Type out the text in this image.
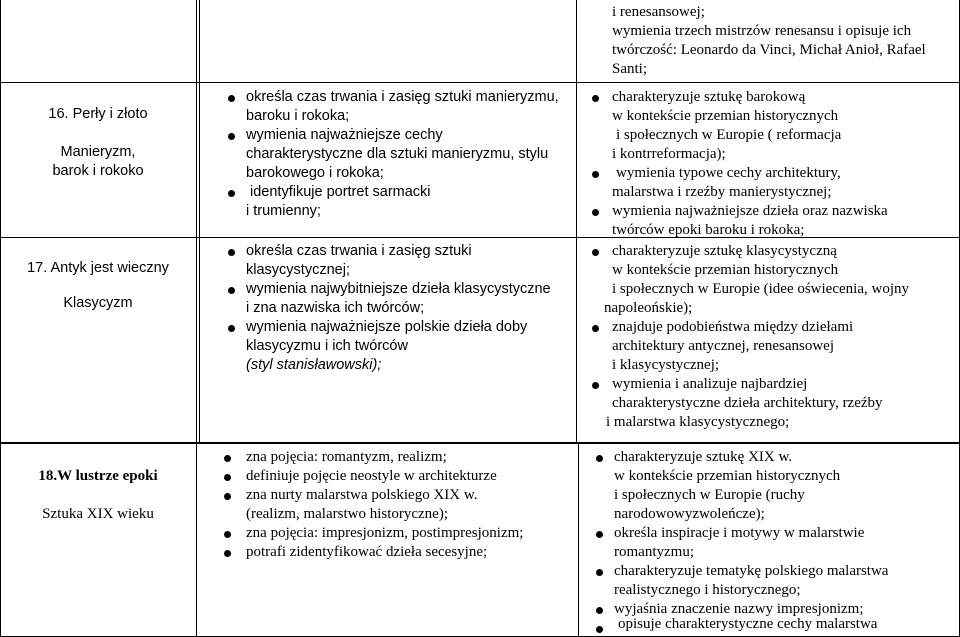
i renesansowej;
wymienia trzech mistrzów renesansu i opisuje ich
twórczość: Leonardo da Vinci, Michał Anioł, Rafael
Santi;
16. Perły i złoto
Manieryzm,
barok i rokoko
określa czas trwania i zasięg sztuki manieryzmu,
baroku i rokoka;
wymienia najważniejsze cechy
charakterystyczne dla sztuki manieryzmu, stylu
barokowego i rokoka;
identyfikuje portret sarmacki
i trumienny;
charakteryzuje sztukę barokową
w kontekście przemian historycznych
i społecznych w Europie ( reformacja
i kontrreformacja);
wymienia typowe cechy architektury,
malarstwa i rzeźby manierystycznej;
wymienia najważniejsze dzieła oraz nazwiska
twórców epoki baroku i rokoka;
17. Antyk jest wieczny
Klasycyzm
określa czas trwania i zasięg sztuki
klasycystycznej;
wymienia najwybitniejsze dzieła klasycystyczne
i zna nazwiska ich twórców;
wymienia najważniejsze polskie dzieła doby
klasycyzmu i ich twórców
(styl stanisławowski);
charakteryzuje sztukę klasycystyczną
w kontekście przemian historycznych
i społecznych w Europie (idee oświecenia, wojny
napoleońskie);
znajduje podobieństwa między dziełami
architektury antycznej, renesansowej
i klasycystycznej;
wymienia i analizuje najbardziej
charakterystyczne dzieła architektury, rzeźby
i malarstwa klasycystycznego;
18.W lustrze epoki
Sztuka XIX wieku
zna pojęcia: romantyzm, realizm;
definiuje pojęcie neostyle w architekturze
zna nurty malarstwa polskiego XIX w.
(realizm, malarstwo historyczne);
zna pojęcia: impresjonizm, postimpresjonizm;
potrafi zidentyfikować dzieła secesyjne;
charakteryzuje sztukę XIX w.
w kontekście przemian historycznych
i społecznych w Europie (ruchy
narodowowyzwoleńcze);
określa inspiracje i motywy w malarstwie
romantyzmu;
charakteryzuje tematykę polskiego malarstwa
realistycznego i historycznego;
wyjaśnia znaczenie nazwy impresjonizm;
opisuje charakterystyczne cechy malarstwa
